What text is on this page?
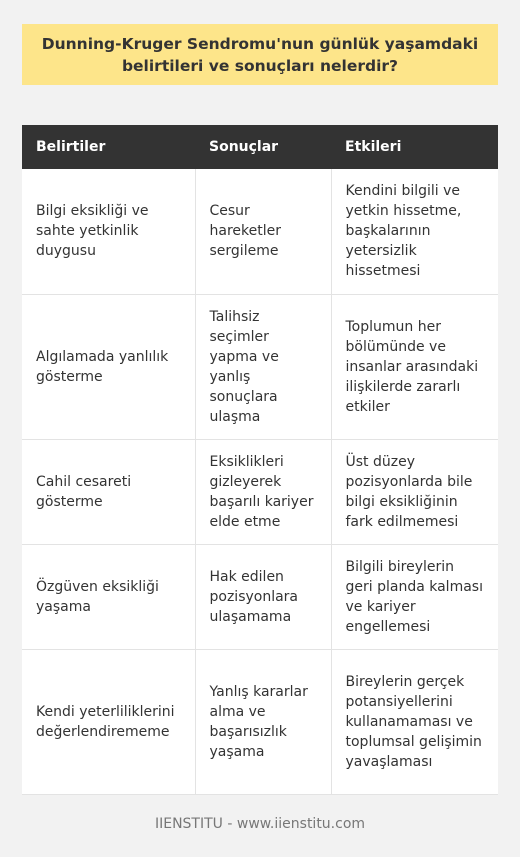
Dunning-Kruger Sendromu'nun günlük yaşamdaki belirtileri ve sonuçları nelerdir?
Belirtiler	Sonuçlar	Etkileri
Bilgi eksikliği ve sahte yetkinlik duygusu	Cesur hareketler sergileme	Kendini bilgili ve yetkin hissetme, başkalarının yetersizlik hissetmesi
Algılamada yanlılık gösterme	Talihsiz seçimler yapma ve yanlış sonuçlara ulaşma	Toplumun her bölümünde ve insanlar arasındaki ilişkilerde zararlı etkiler
Cahil cesareti gösterme	Eksiklikleri gizleyerek başarılı kariyer elde etme	Üst düzey pozisyonlarda bile bilgi eksikliğinin fark edilmemesi
Özgüven eksikliği yaşama	Hak edilen pozisyonlara ulaşamama	Bilgili bireylerin geri planda kalması ve kariyer engellemesi
Kendi yeterliliklerini değerlendirememe	Yanlış kararlar alma ve başarısızlık yaşama	Bireylerin gerçek potansiyellerini kullanamaması ve toplumsal gelişimin yavaşlaması
IIENSTITU - www.iienstitu.com
